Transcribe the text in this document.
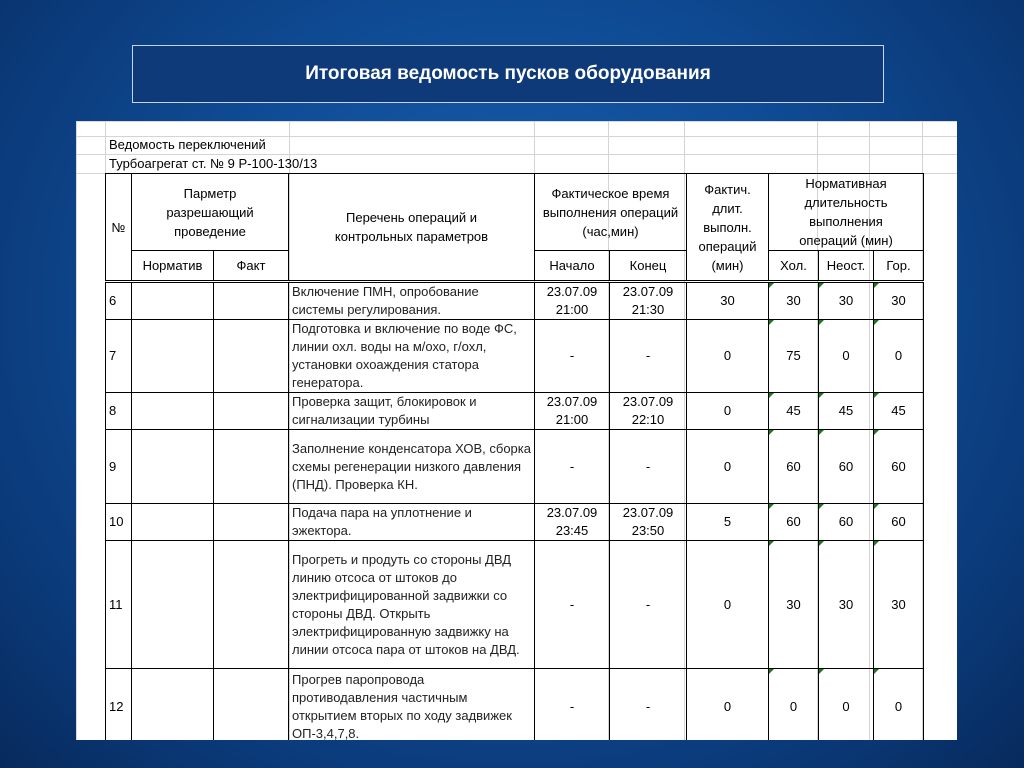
Итоговая ведомость пусков оборудования
Ведомость переключений
Турбоагрегат ст. № 9 Р-100-130/13
№	Парметр разрешающий проведение		Перечень операций и контрольных параметров	Фактическое время выполнения операций (час,мин)		Фактич. длит. выполн. операций (мин)	Нормативная длительность выполнения операций (мин)		
	Норматив	Факт		Начало	Конец		Хол.	Неост.	Гор.
6			Включение ПМН, опробование системы регулирования.	23.07.09 21:00	23.07.09 21:30	30	30	30	30
7			Подготовка и включение по воде ФС, линии охл. воды на м/охо, г/охл, установки охоаждения статора генератора.	-	-	0	75	0	0
8			Проверка защит, блокировок и сигнализации турбины	23.07.09 21:00	23.07.09 22:10	0	45	45	45
9			Заполнение конденсатора ХОВ, сборка схемы регенерации низкого давления (ПНД). Проверка КН.	-	-	0	60	60	60
10			Подача пара на уплотнение и эжектора.	23.07.09 23:45	23.07.09 23:50	5	60	60	60
11			Прогреть и продуть со стороны ДВД линию отсоса от штоков до электрифицированной задвижки со стороны ДВД. Открыть электрифицированную задвижку на линии отсоса пара от штоков на ДВД.	-	-	0	30	30	30
12			Прогрев паропровода противодавления частичным открытием вторых по ходу задвижек ОП-3,4,7,8.	-	-	0	0	0	0
